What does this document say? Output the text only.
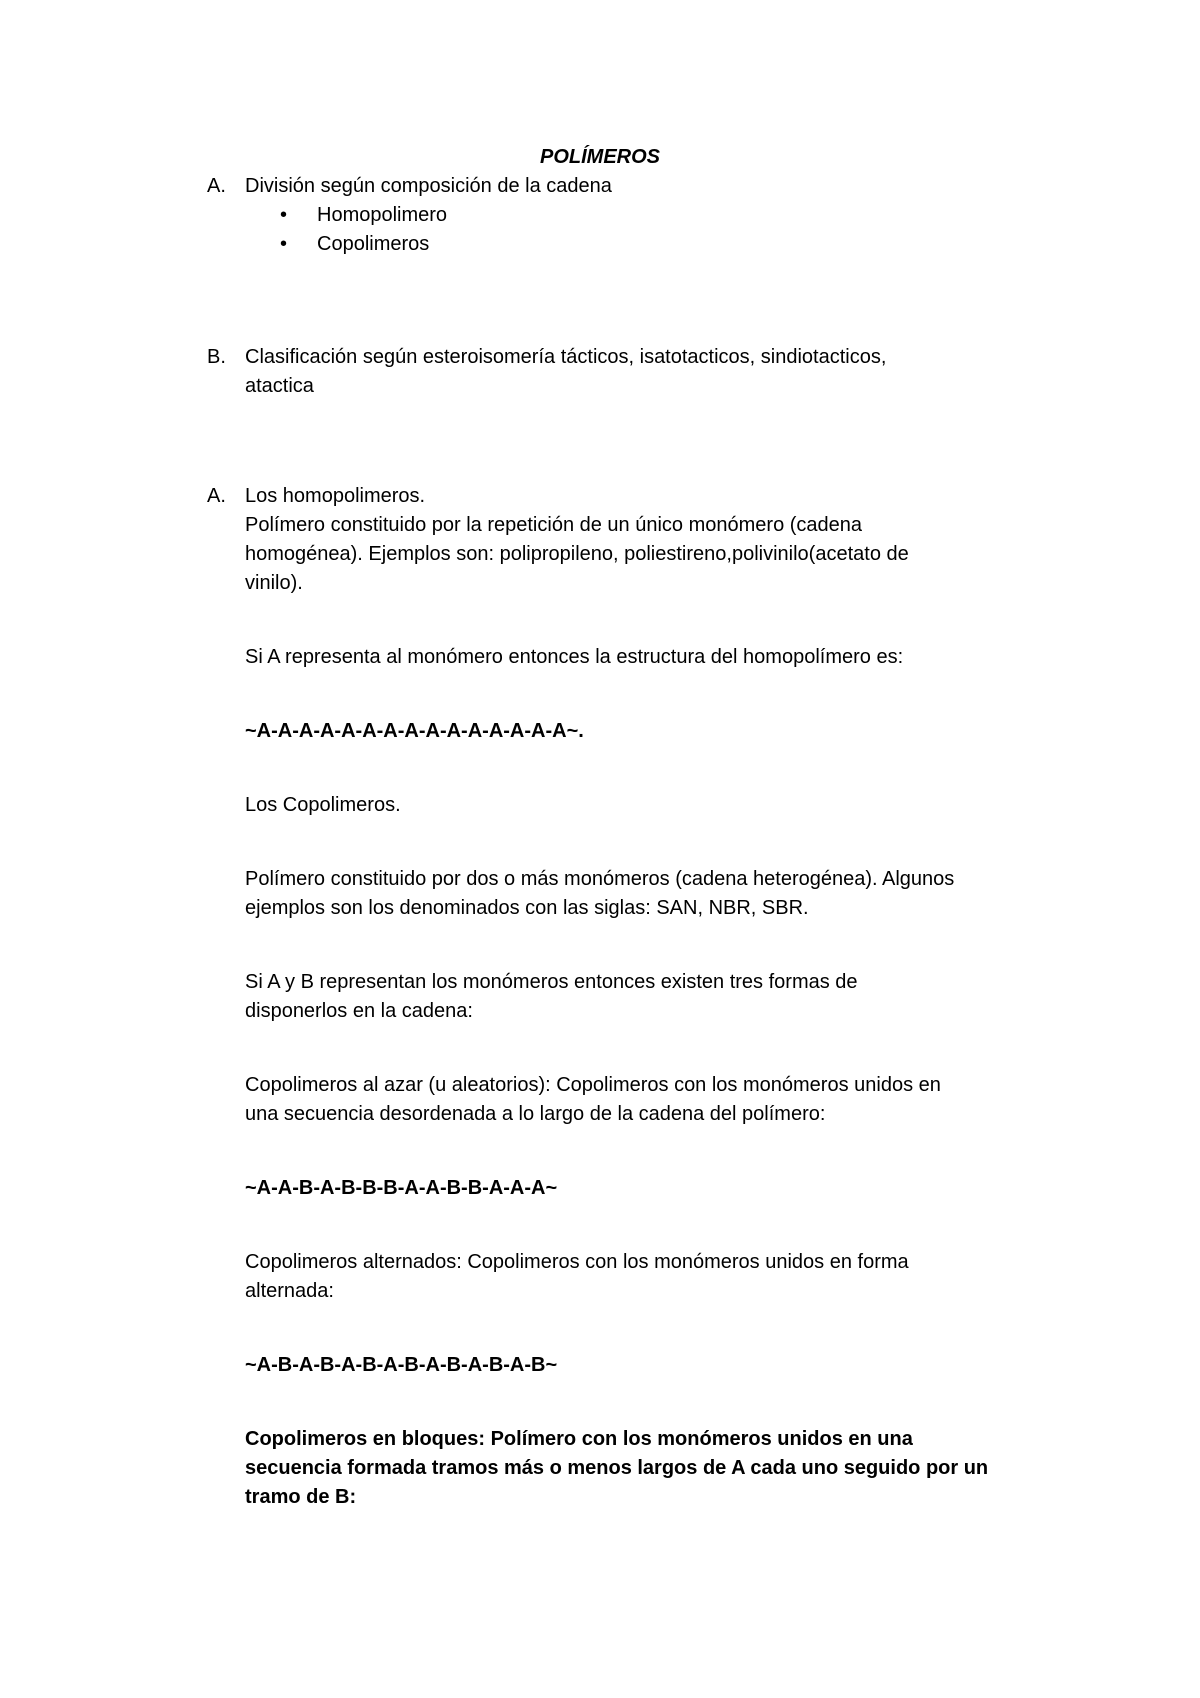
POLÍMEROS
A. División según composición de la cadena
• Homopolimero
• Copolimeros
B. Clasificación según esteroisomería tácticos, isatotacticos, sindiotacticos,
atactica
A. Los homopolimeros.
Polímero constituido por la repetición de un único monómero (cadena
homogénea). Ejemplos son: polipropileno, poliestireno,polivinilo(acetato de
vinilo).
Si A representa al monómero entonces la estructura del homopolímero es:
~A-A-A-A-A-A-A-A-A-A-A-A-A-A-A~.
Los Copolimeros.
Polímero constituido por dos o más monómeros (cadena heterogénea). Algunos
ejemplos son los denominados con las siglas: SAN, NBR, SBR.
Si A y B representan los monómeros entonces existen tres formas de
disponerlos en la cadena:
Copolimeros al azar (u aleatorios): Copolimeros con los monómeros unidos en
una secuencia desordenada a lo largo de la cadena del polímero:
~A-A-B-A-B-B-B-A-A-B-B-A-A-A~
Copolimeros alternados: Copolimeros con los monómeros unidos en forma
alternada:
~A-B-A-B-A-B-A-B-A-B-A-B-A-B~
Copolimeros en bloques: Polímero con los monómeros unidos en una
secuencia formada tramos más o menos largos de A cada uno seguido por un
tramo de B:
